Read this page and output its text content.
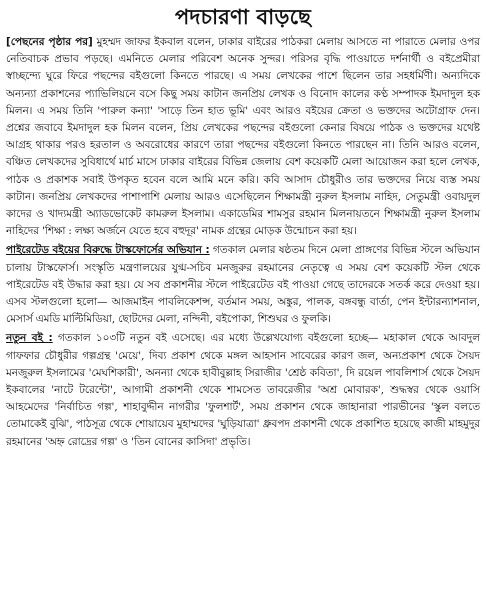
পদচারণা বাড়ছে

[পেছনের পৃষ্ঠার পর] মুহম্মদ জাফর ইকবাল বলেন, ঢাকার বাইরের পাঠকরা মেলায় আসতে না পারাতে মেলার ওপর নেতিবাচক প্রভাব পড়ছে। এমনিতে মেলার পরিবেশ অনেক সুন্দর। পরিসর বৃদ্ধি পাওয়াতে দর্শনার্থী ও বইপ্রেমীরা স্বাচ্ছন্দ্যে ঘুরে ফিরে পছন্দের বইগুলো কিনতে পারছে। এ সময় লেখকের পাশে ছিলেন তার সহধর্মিণী। অন্যদিকে অন্যন্যা প্রকাশনের প্যাভিলিয়নে বসে কিছু সময় কাটান জনপ্রিয় লেখক ও বিনোদ কালের কণ্ঠ সম্পাদক ইমদাদুল হক মিলন। এ সময় তিনি 'পারুল কন্যা' 'সাড়ে তিন হাত ভূমি' এবং আরও বইয়ের ক্রেতা ও ভক্তদের অটোগ্রাফ দেন। প্রশ্নের জবাবে ইমদাদুল হক মিলন বলেন, প্রিয় লেখকের পছন্দের বইগুলো কেনার বিষয়ে পাঠক ও ভক্তদের যথেষ্ট আগ্রহ থাকার পরও হরতাল ও অবরোধের কারণে তারা পছন্দের বইগুলো কিনতে পারছেন না। তিনি আরও বলেন, বঞ্চিত লেখকদের সুবিধার্থে মার্চ মাসে ঢাকার বাইরের বিভিন্ন জেলায় বেশ কয়েকটি মেলা আয়োজন করা হলে লেখক, পাঠক ও প্রকাশক সবাই উপকৃত হবেন বলে আমি মনে করি। কবি আসাদ চৌধুরীও তার ভক্তদের নিয়ে ব্যস্ত সময় কাটান। জনপ্রিয় লেখকদের পাশাপাশি মেলায় আরও এসেছিলেন শিক্ষামন্ত্রী নুরুল ইসলাম নাহিদ, সেতুমন্ত্রী ওবায়দুল কাদের ও খাদ্যমন্ত্রী অ্যাডভোকেট কামরুল ইসলাম। একাডেমির শামসুর রহমান মিলনায়তনে শিক্ষামন্ত্রী নুরুল ইসলাম নাহিদের 'শিক্ষা : লক্ষ্য অর্জনে যেতে হবে বহুদূর' নামক গ্রন্থের মোড়ক উন্মোচন করা হয়।

পাইরেটেড বইয়ের বিরুদ্ধে টাস্কফোর্সের অভিযান : গতকাল মেলার ষষ্ঠতম দিনে মেলা প্রাঙ্গণের বিভিন্ন স্টলে অভিযান চালায় টাস্কফোর্স। সংস্কৃতি মন্ত্রণালয়ের যুগ্ম-সচিব মনজুরুর রহমানের নেতৃত্বে এ সময় বেশ কয়েকটি স্টল থেকে পাইরেটেড বই উদ্ধার করা হয়। যে সব প্রকাশনীর স্টলে পাইরেটেড বই পাওয়া গেছে তাদেরকে সতর্ক করে দেওয়া হয়। এসব স্টলগুলো হলো— আজমাইন পাবলিকেশন্স, বর্তমান সময়, অঙ্কুর, পালক, বঙ্গবন্ধু বার্তা, পেন ইন্টারন্যাশনাল, মেসার্স এমডি মাল্টিমিডিয়া, ছোটদের মেলা, নন্দিনী, বইপোকা, শিশুঘর ও ফুলকি।

নতুন বই : গতকাল ১০৩টি নতুন বই এসেছে। এর মধ্যে উল্লেখযোগ্য বইগুলো হচ্ছে— মহাকাল থেকে আবদুল গাফফার চৌধুরীর গল্পগ্রন্থ 'মেয়ে', দিব্য প্রকাশ থেকে মঙ্গল আহসান সাবেরের কারণ জল, অন্যপ্রকাশ থেকে সৈয়দ মনজুরুল ইসলামের 'মেঘশিকারী', অনন্যা থেকে হাবীবুল্লাহ সিরাজীর 'শ্রেষ্ঠ কবিতা', দি রয়েল পাবলিশার্স থেকে সৈয়দ ইকবালের 'নাটে টরেন্টো', আগামী প্রকাশনী থেকে শামসেত তাবরেজীর 'অশ্র মোবারক', শুদ্ধস্বর থেকে ওয়াসি আহমেদের 'নির্বাচিত গল্প', শাহাবুদ্দীন নাগরীর 'ফুলশার্ট', সময় প্রকাশন থেকে জাহানারা পারভীনের 'স্কুল বলতে তোমাকেই বুঝি', পাঠসূত্র থেকে শোয়ায়েব মুহাম্মদের 'ঘুড়িযাত্রা' ধ্রুবপদ প্রকাশনী থেকে প্রকাশিত হয়েছে কাজী মাহমুদুর রহমানের 'অহ্ন রোদ্রের গল্প' ও 'তিন বোনের কাসিদা' প্রভৃতি।
